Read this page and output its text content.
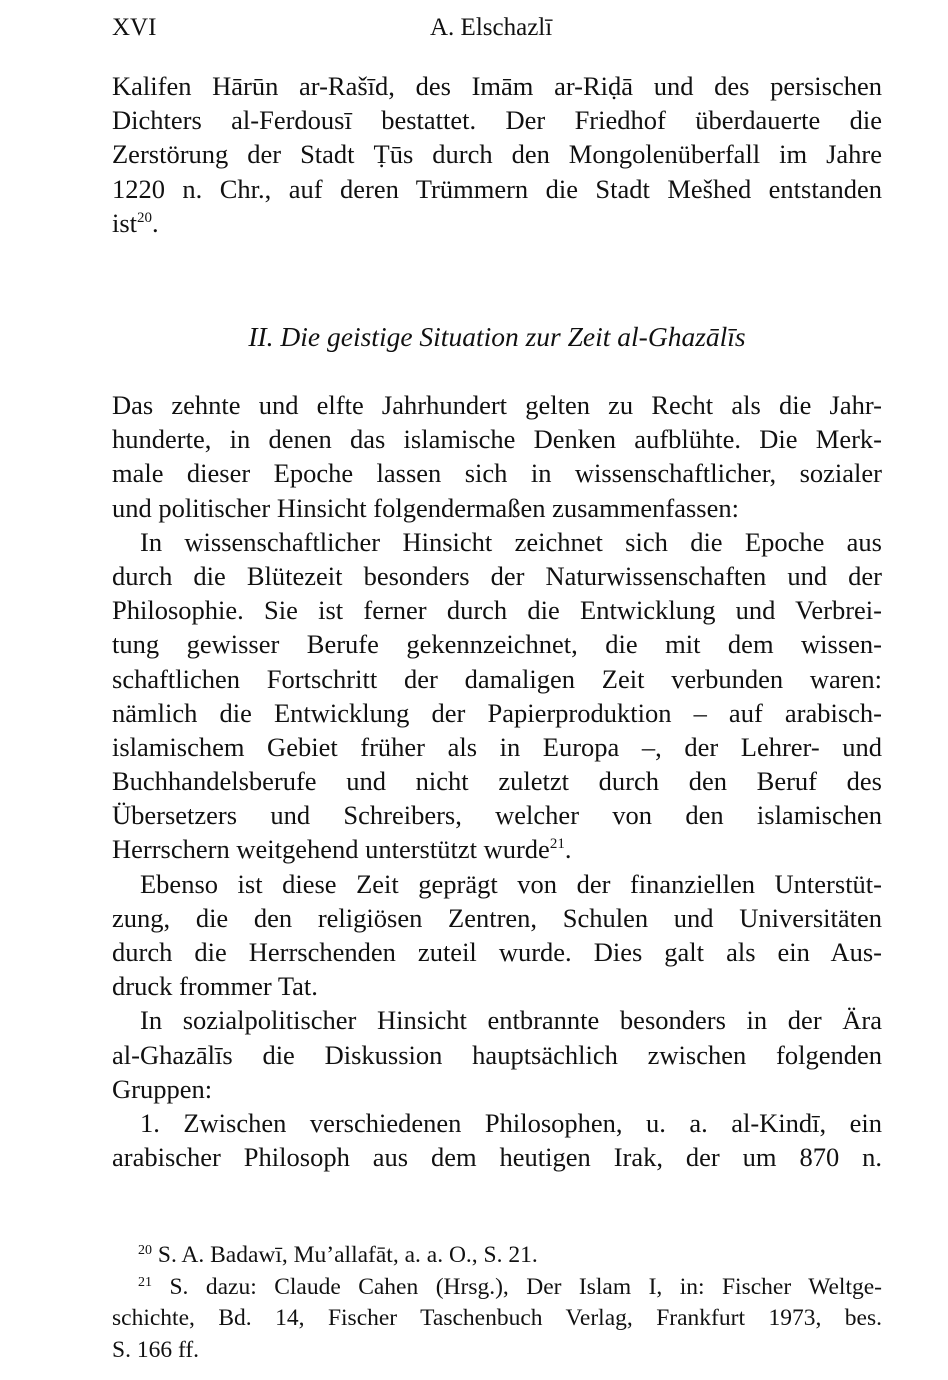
XVI	A. Elschazlī
Kalifen Hārūn ar-Rašīd, des Imām ar-Riḍā und des persischen
Dichters al-Ferdousī bestattet. Der Friedhof überdauerte die
Zerstörung der Stadt Ṭūs durch den Mongolenüberfall im Jahre
1220 n. Chr., auf deren Trümmern die Stadt Mešhed entstanden
ist$^{20}$.
II. Die geistige Situation zur Zeit al-Ghazālīs
Das zehnte und elfte Jahrhundert gelten zu Recht als die Jahr-
hunderte, in denen das islamische Denken aufblühte. Die Merk-
male dieser Epoche lassen sich in wissenschaftlicher, sozialer
und politischer Hinsicht folgendermaßen zusammenfassen:
In wissenschaftlicher Hinsicht zeichnet sich die Epoche aus
durch die Blütezeit besonders der Naturwissenschaften und der
Philosophie. Sie ist ferner durch die Entwicklung und Verbrei-
tung gewisser Berufe gekennzeichnet, die mit dem wissen-
schaftlichen Fortschritt der damaligen Zeit verbunden waren:
nämlich die Entwicklung der Papierproduktion – auf arabisch-
islamischem Gebiet früher als in Europa –, der Lehrer- und
Buchhandelsberufe und nicht zuletzt durch den Beruf des
Übersetzers und Schreibers, welcher von den islamischen
Herrschern weitgehend unterstützt wurde$^{21}$.
Ebenso ist diese Zeit geprägt von der finanziellen Unterstüt-
zung, die den religiösen Zentren, Schulen und Universitäten
durch die Herrschenden zuteil wurde. Dies galt als ein Aus-
druck frommer Tat.
In sozialpolitischer Hinsicht entbrannte besonders in der Ära
al-Ghazālīs die Diskussion hauptsächlich zwischen folgenden
Gruppen:
1. Zwischen verschiedenen Philosophen, u. a. al-Kindī, ein
arabischer Philosoph aus dem heutigen Irak, der um 870 n.
$^{20}$ S. A. Badawī, Mu’allafāt, a. a. O., S. 21.
$^{21}$ S. dazu: Claude Cahen (Hrsg.), Der Islam I, in: Fischer Weltge-
schichte, Bd. 14, Fischer Taschenbuch Verlag, Frankfurt 1973, bes.
S. 166 ff.
